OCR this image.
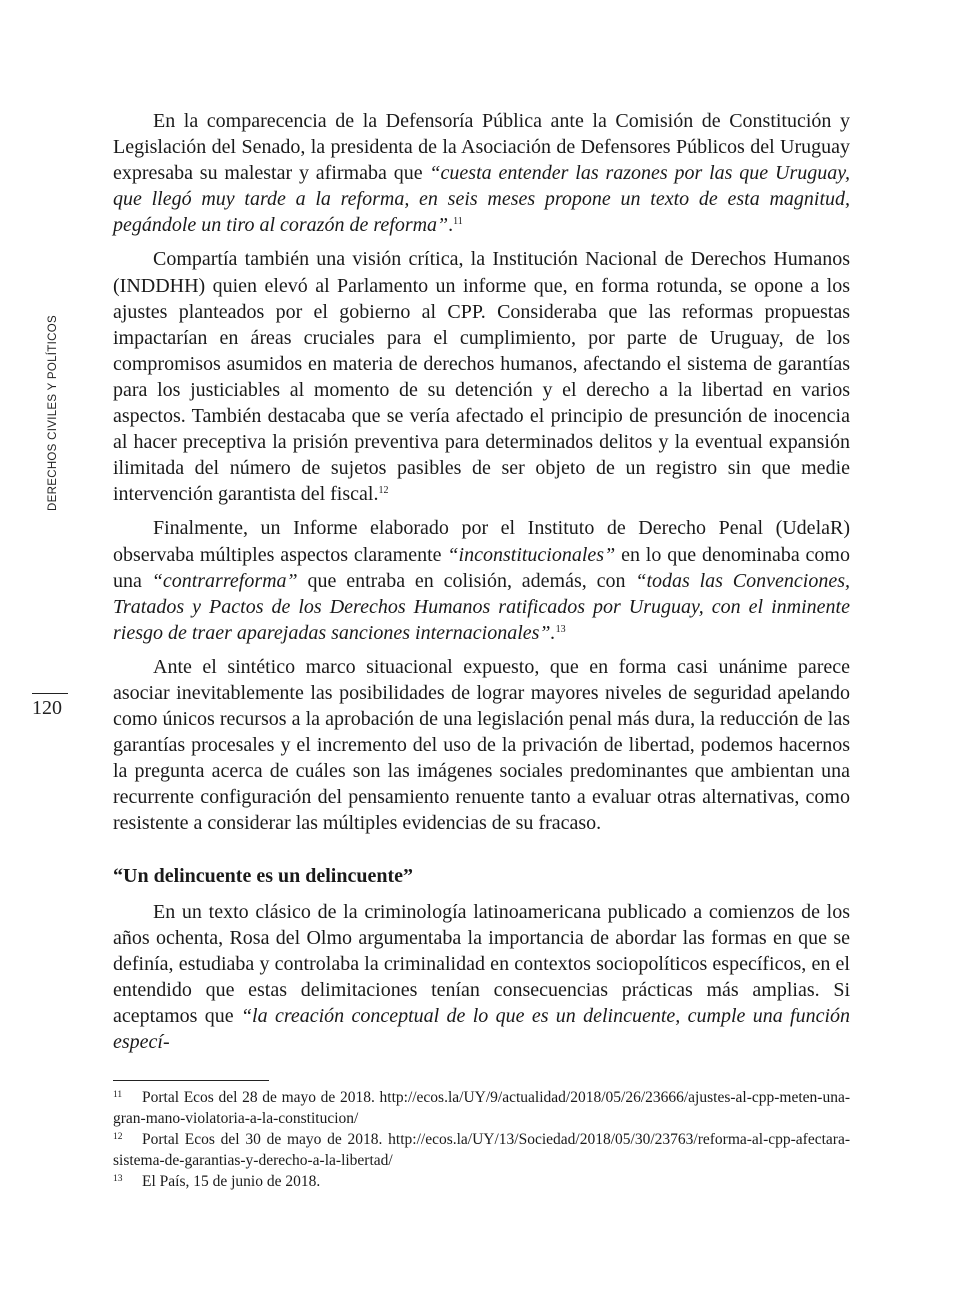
DERECHOS CIVILES Y POLÍTICOS
120

En la comparecencia de la Defensoría Pública ante la Comisión de Constitución y Legislación del Senado, la presidenta de la Asociación de Defensores Públicos del Uruguay expresaba su malestar y afirmaba que “cuesta entender las razones por las que Uruguay, que llegó muy tarde a la reforma, en seis meses propone un texto de esta magnitud, pegándole un tiro al corazón de reforma”.$^{11}$

Compartía también una visión crítica, la Institución Nacional de Derechos Humanos (INDDHH) quien elevó al Parlamento un informe que, en forma rotunda, se opone a los ajustes planteados por el gobierno al CPP. Consideraba que las reformas propuestas impactarían en áreas cruciales para el cumplimiento, por parte de Uruguay, de los compromisos asumidos en materia de derechos humanos, afectando el sistema de garantías para los justiciables al momento de su detención y el derecho a la libertad en varios aspectos. También destacaba que se vería afectado el principio de presunción de inocencia al hacer preceptiva la prisión preventiva para determinados delitos y la eventual expansión ilimitada del número de sujetos pasibles de ser objeto de un registro sin que medie intervención garantista del fiscal.$^{12}$

Finalmente, un Informe elaborado por el Instituto de Derecho Penal (UdelaR) observaba múltiples aspectos claramente “inconstitucionales” en lo que denominaba como una “contrarreforma” que entraba en colisión, además, con “todas las Convenciones, Tratados y Pactos de los Derechos Humanos ratificados por Uruguay, con el inminente riesgo de traer aparejadas sanciones internacionales”.$^{13}$

Ante el sintético marco situacional expuesto, que en forma casi unánime parece asociar inevitablemente las posibilidades de lograr mayores niveles de seguridad apelando como únicos recursos a la aprobación de una legislación penal más dura, la reducción de las garantías procesales y el incremento del uso de la privación de libertad, podemos hacernos la pregunta acerca de cuáles son las imágenes sociales predominantes que ambientan una recurrente configuración del pensamiento renuente tanto a evaluar otras alternativas, como resistente a considerar las múltiples evidencias de su fracaso.

“Un delincuente es un delincuente”

En un texto clásico de la criminología latinoamericana publicado a comienzos de los años ochenta, Rosa del Olmo argumentaba la importancia de abordar las formas en que se definía, estudiaba y controlaba la criminalidad en contextos sociopolíticos específicos, en el entendido que estas delimitaciones tenían consecuencias prácticas más amplias. Si aceptamos que “la creación conceptual de lo que es un delincuente, cumple una función especí-

11 Portal Ecos del 28 de mayo de 2018. http://ecos.la/UY/9/actualidad/2018/05/26/23666/ajustes-al-cpp-meten-una-gran-mano-violatoria-a-la-constitucion/

12 Portal Ecos del 30 de mayo de 2018. http://ecos.la/UY/13/Sociedad/2018/05/30/23763/reforma-al-cpp-afectara-sistema-de-garantias-y-derecho-a-la-libertad/

13 El País, 15 de junio de 2018.
